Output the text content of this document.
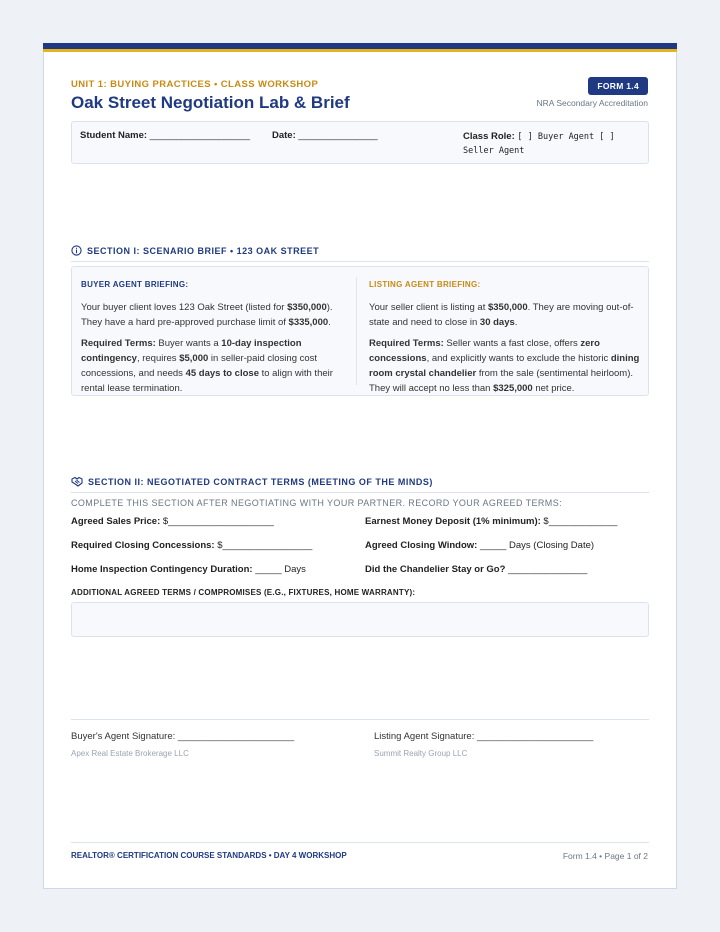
UNIT 1: BUYING PRACTICES • CLASS WORKSHOP
Oak Street Negotiation Lab & Brief
FORM 1.4
NRA Secondary Accreditation
Student Name: ___________________ Date: _______________	Class Role: [ ] Buyer Agent [ ]
Seller Agent
SECTION I: SCENARIO BRIEF • 123 OAK STREET
BUYER AGENT BRIEFING:

Your buyer client loves 123 Oak Street (listed for $350,000). They have a hard pre-approved purchase limit of $335,000.

Required Terms: Buyer wants a 10-day inspection contingency, requires $5,000 in seller-paid closing cost concessions, and needs 45 days to close to align with their rental lease termination.

LISTING AGENT BRIEFING:

Your seller client is listing at $350,000. They are moving out-of-state and need to close in 30 days.

Required Terms: Seller wants a fast close, offers zero concessions, and explicitly wants to exclude the historic dining room crystal chandelier from the sale (sentimental heirloom). They will accept no less than $325,000 net price.

SECTION II: NEGOTIATED CONTRACT TERMS (MEETING OF THE MINDS)
COMPLETE THIS SECTION AFTER NEGOTIATING WITH YOUR PARTNER. RECORD YOUR AGREED TERMS:
Agreed Sales Price: $____________________	Earnest Money Deposit (1% minimum): $_____________
Required Closing Concessions: $_________________	Agreed Closing Window: _____ Days (Closing Date)
Home Inspection Contingency Duration: _____ Days	Did the Chandelier Stay or Go? _______________
ADDITIONAL AGREED TERMS / COMPROMISES (E.G., FIXTURES, HOME WARRANTY):
Buyer's Agent Signature: ______________________
Apex Real Estate Brokerage LLC
Listing Agent Signature: ______________________
Summit Realty Group LLC
REALTOR® CERTIFICATION COURSE STANDARDS • DAY 4 WORKSHOP	Form 1.4 • Page 1 of 2
